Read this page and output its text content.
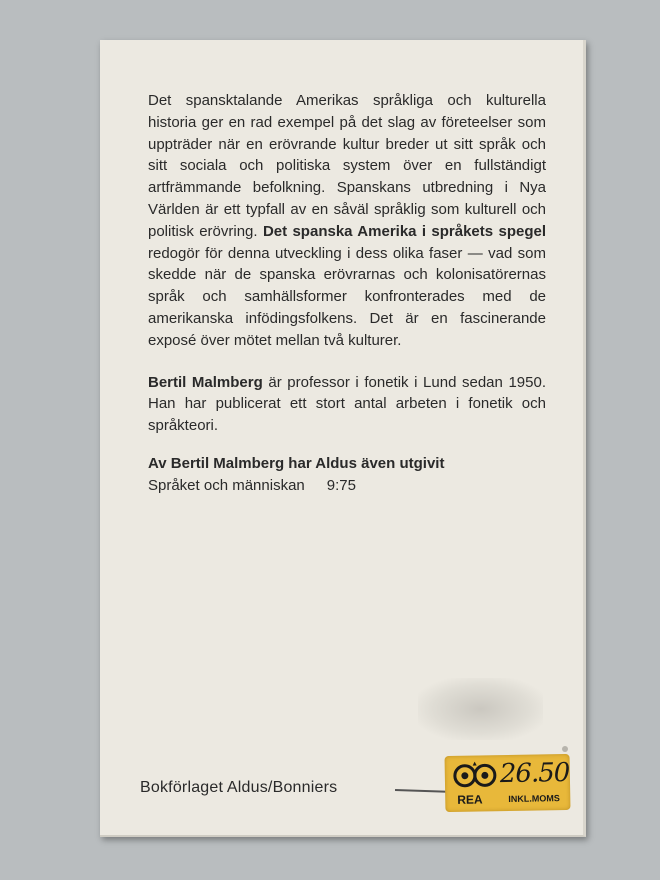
Det spansktalande Amerikas språkliga och kulturella historia ger en rad exempel på det slag av företeelser som uppträder när en erövrande kultur breder ut sitt språk och sitt sociala och politiska system över en fullständigt artfrämmande befolkning. Spanskans utbredning i Nya Världen är ett typfall av en såväl språklig som kulturell och politisk erövring. Det spanska Amerika i språkets spegel redogör för denna utveckling i dess olika faser — vad som skedde när de spanska erövrarnas och kolonisatörernas språk och samhällsformer konfronterades med de amerikanska infödingsfolkens. Det är en fascinerande exposé över mötet mellan två kulturer.

Bertil Malmberg är professor i fonetik i Lund sedan 1950. Han har publicerat ett stort antal arbeten i fonetik och språkteori.

Av Bertil Malmberg har Aldus även utgivit

Språket och människan 9:75

Bokförlaget Aldus/Bonniers	26.50
REA	INKL.MOMS
